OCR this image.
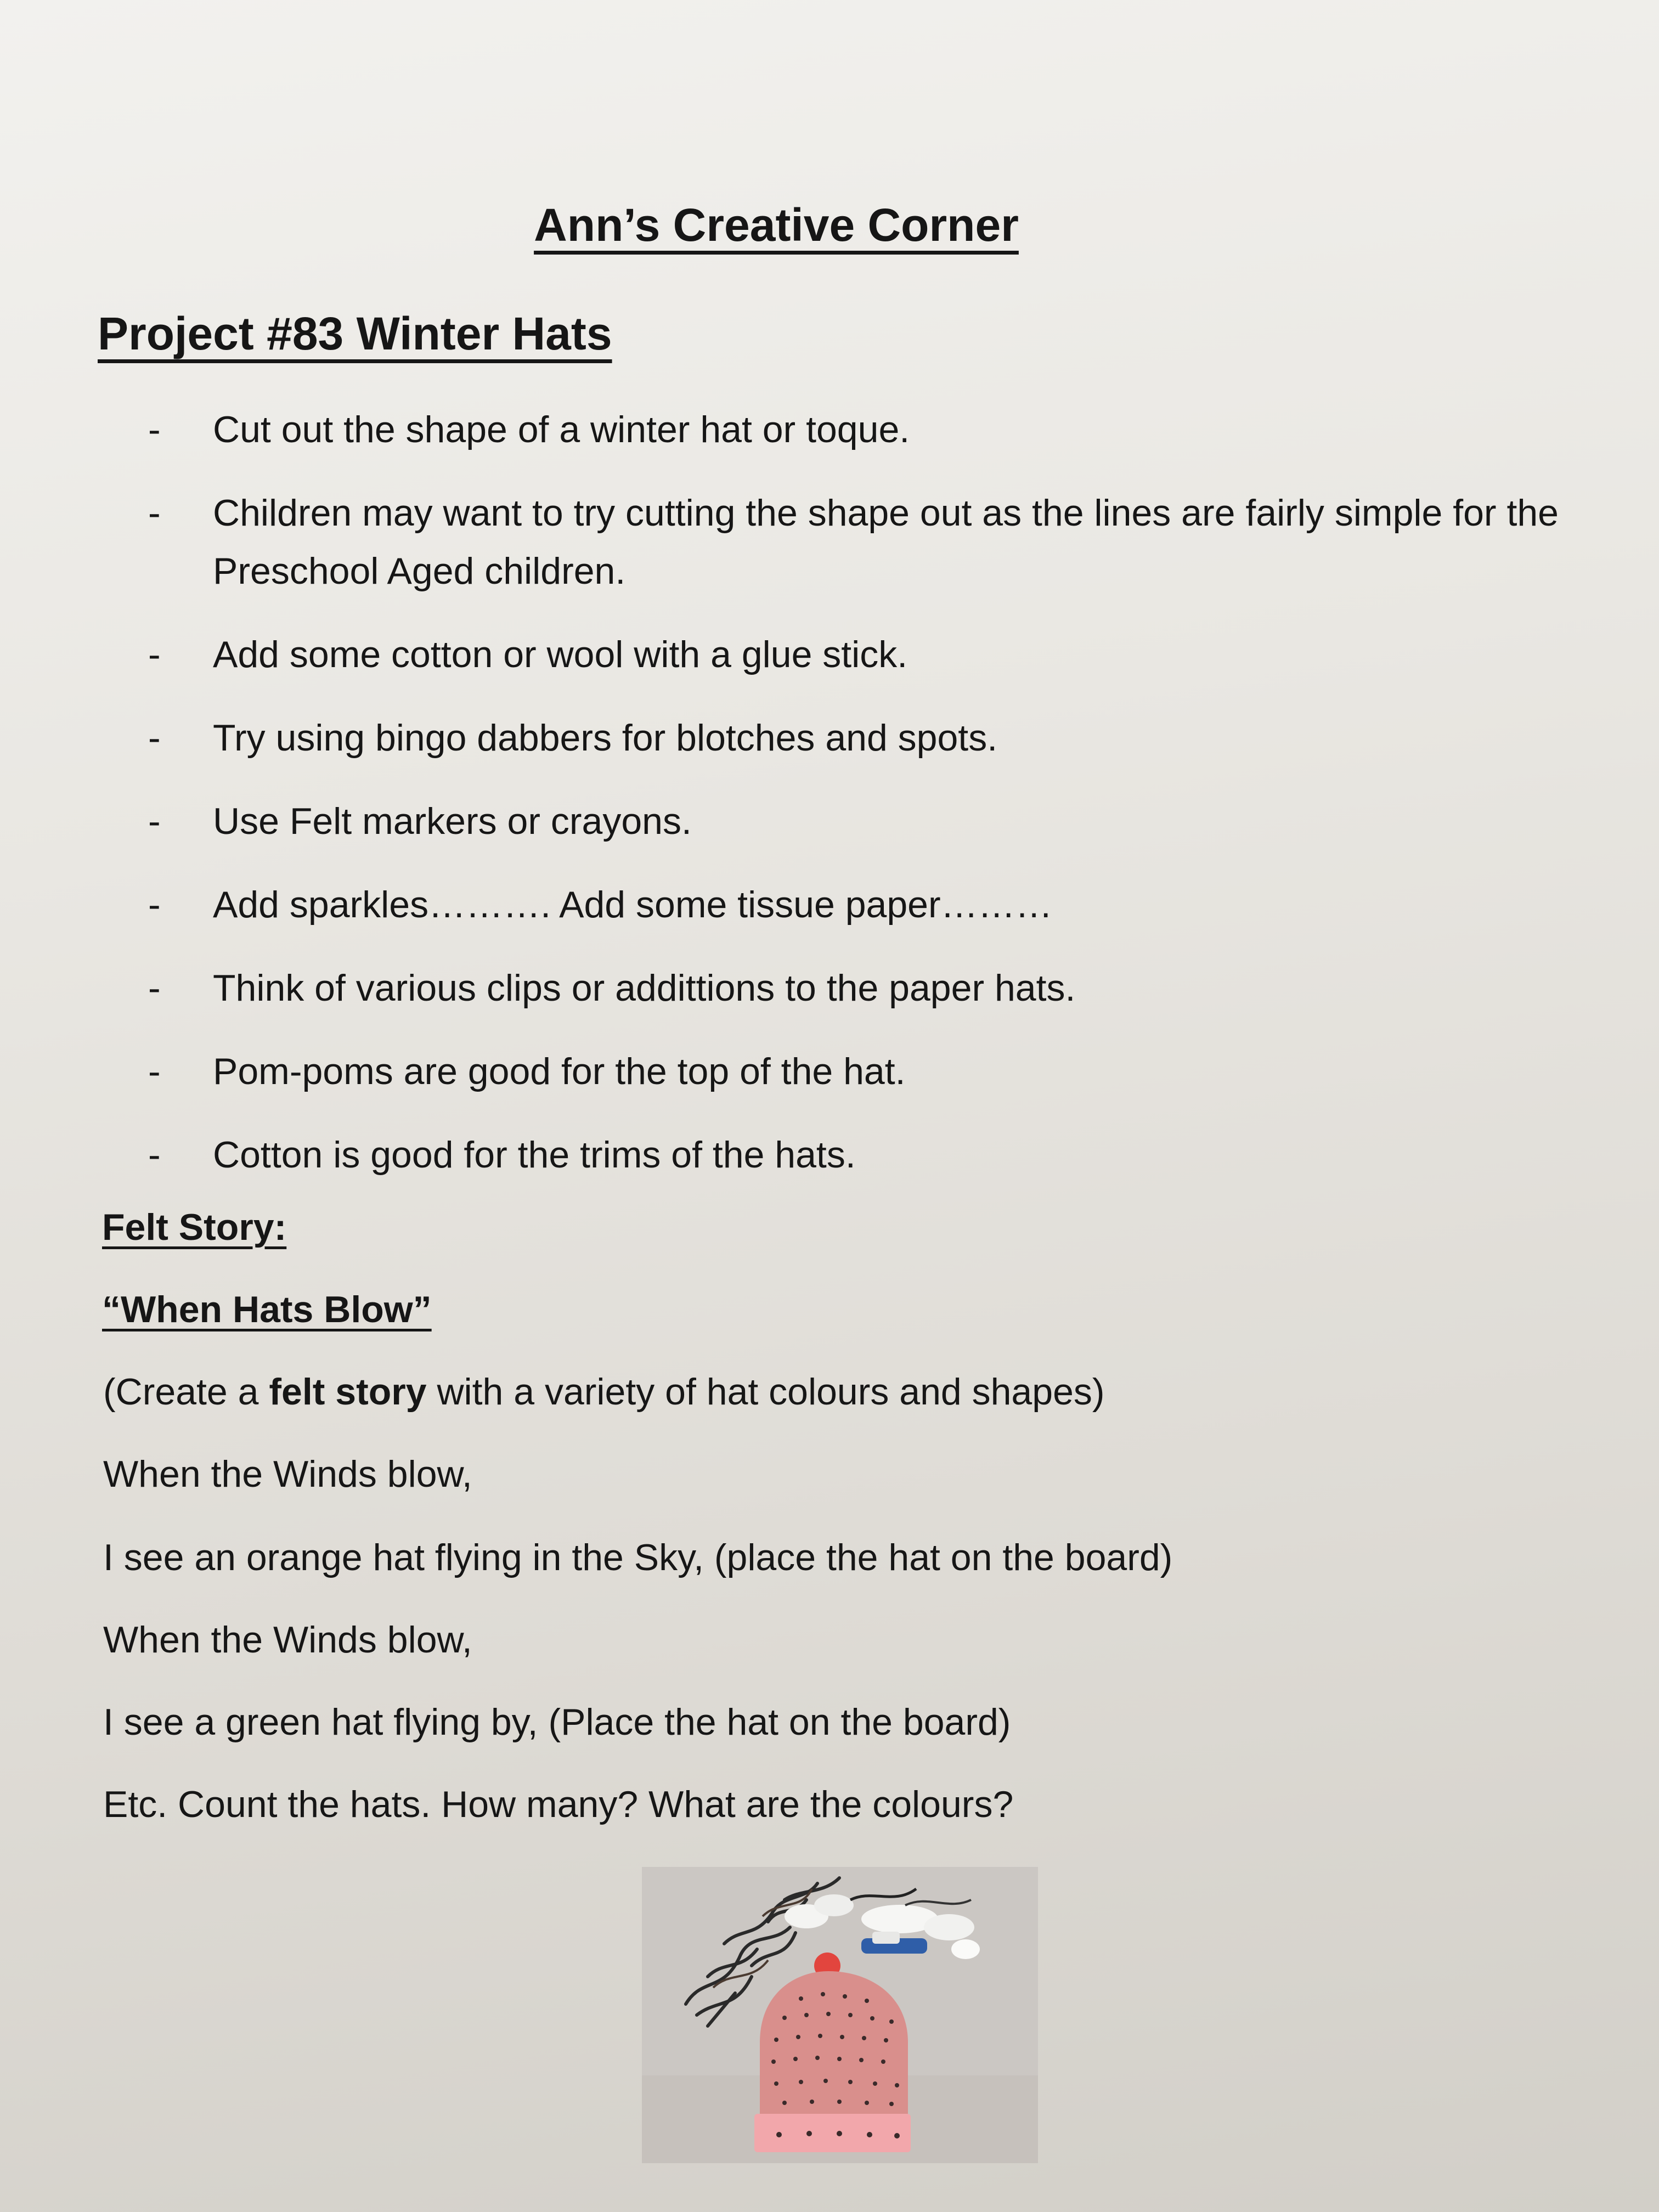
Ann’s Creative Corner
Project #83 Winter Hats
- Cut out the shape of a winter hat or toque.
- Children may want to try cutting the shape out as the lines are fairly simple for the Preschool Aged children.
- Add some cotton or wool with a glue stick.
- Try using bingo dabbers for blotches and spots.
- Use Felt markers or crayons.
- Add sparkles………. Add some tissue paper………
- Think of various clips or addittions to the paper hats.
- Pom-poms are good for the top of the hat.
- Cotton is good for the trims of the hats.
Felt Story:
“When Hats Blow”

(Create a felt story with a variety of hat colours and shapes)

When the Winds blow,

I see an orange hat flying in the Sky, (place the hat on the board)

When the Winds blow,

I see a green hat flying by, (Place the hat on the board)

Etc. Count the hats. How many? What are the colours?
